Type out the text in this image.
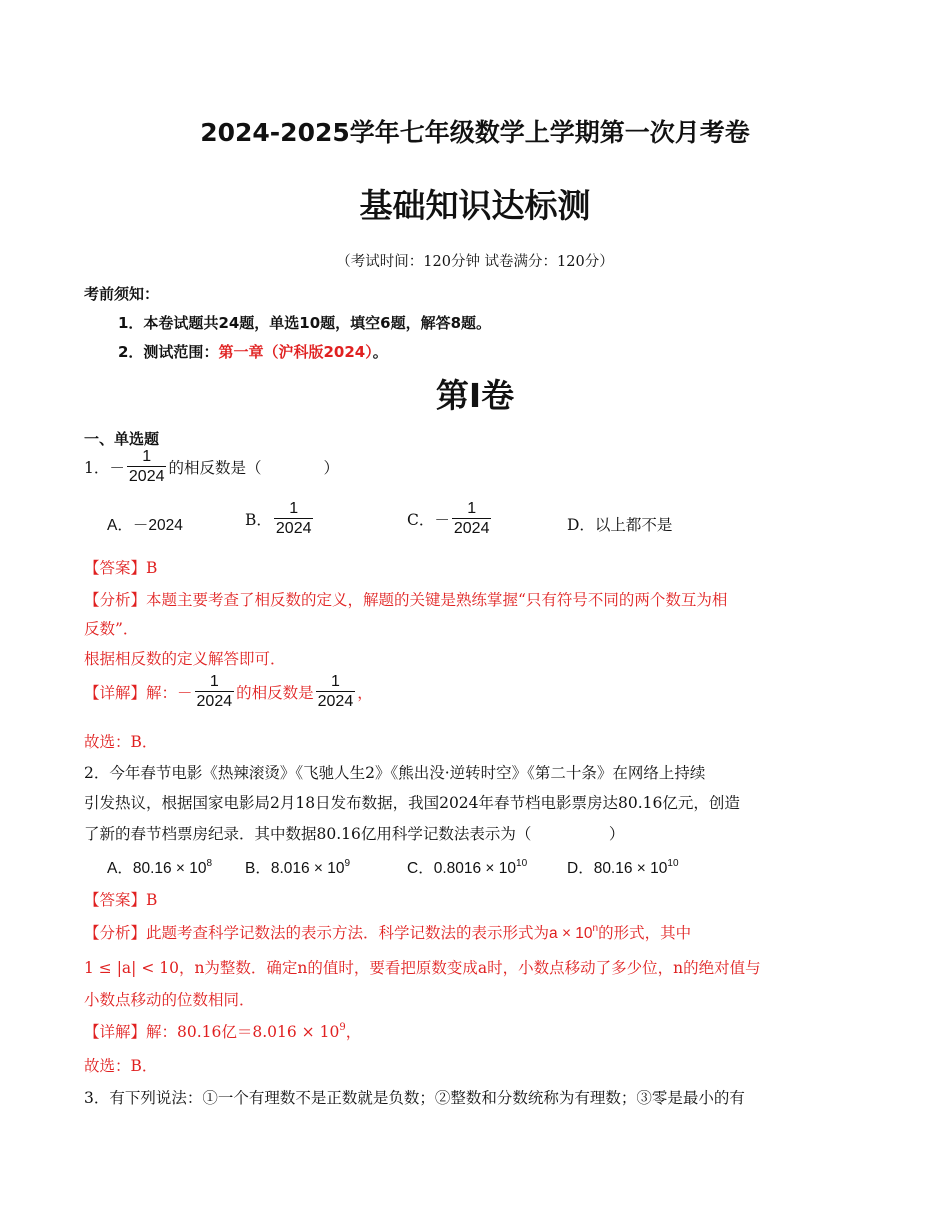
2024-2025学年七年级数学上学期第一次月考卷
基础知识达标测
（考试时间：120分钟 试卷满分：120分）
考前须知：
1．本卷试题共24题，单选10题，填空6题，解答8题。
2．测试范围：第一章（沪科版2024）。
第Ⅰ卷
一、单选题
1． － $\frac{1}{2024}$ 的相反数是（　　　　）
A．－2024	B． $\frac{1}{2024}$	C．－ $\frac{1}{2024}$	D．以上都不是
【答案】B
【分析】本题主要考查了相反数的定义，解题的关键是熟练掌握“只有符号不同的两个数互为相
反数”．
根据相反数的定义解答即可．
【详解】解：－ $\frac{1}{2024}$ 的相反数是 $\frac{1}{2024}$ ，
故选：B．
2．今年春节电影《热辣滚烫》《飞驰人生2》《熊出没·逆转时空》《第二十条》在网络上持续
引发热议，根据国家电影局2月18日发布数据，我国2024年春节档电影票房达80.16亿元，创造
了新的春节档票房纪录．其中数据80.16亿用科学记数法表示为（　　　　　）
A．$80.16 \times 10^8$ B．$8.016 \times 10^9$	C．$0.8016 \times 10^{10}$	D．$80.16 \times 10^{10}$
【答案】B
【分析】此题考查科学记数法的表示方法．科学记数法的表示形式为$a \times 10^n$的形式，其中
1 ≤ |a| < 10，n为整数．确定n的值时，要看把原数变成a时，小数点移动了多少位，n的绝对值与
小数点移动的位数相同．
【详解】解：80.16亿$=8.016 \times 10^9$，
故选：B．
3．有下列说法：①一个有理数不是正数就是负数；②整数和分数统称为有理数；③零是最小的有
